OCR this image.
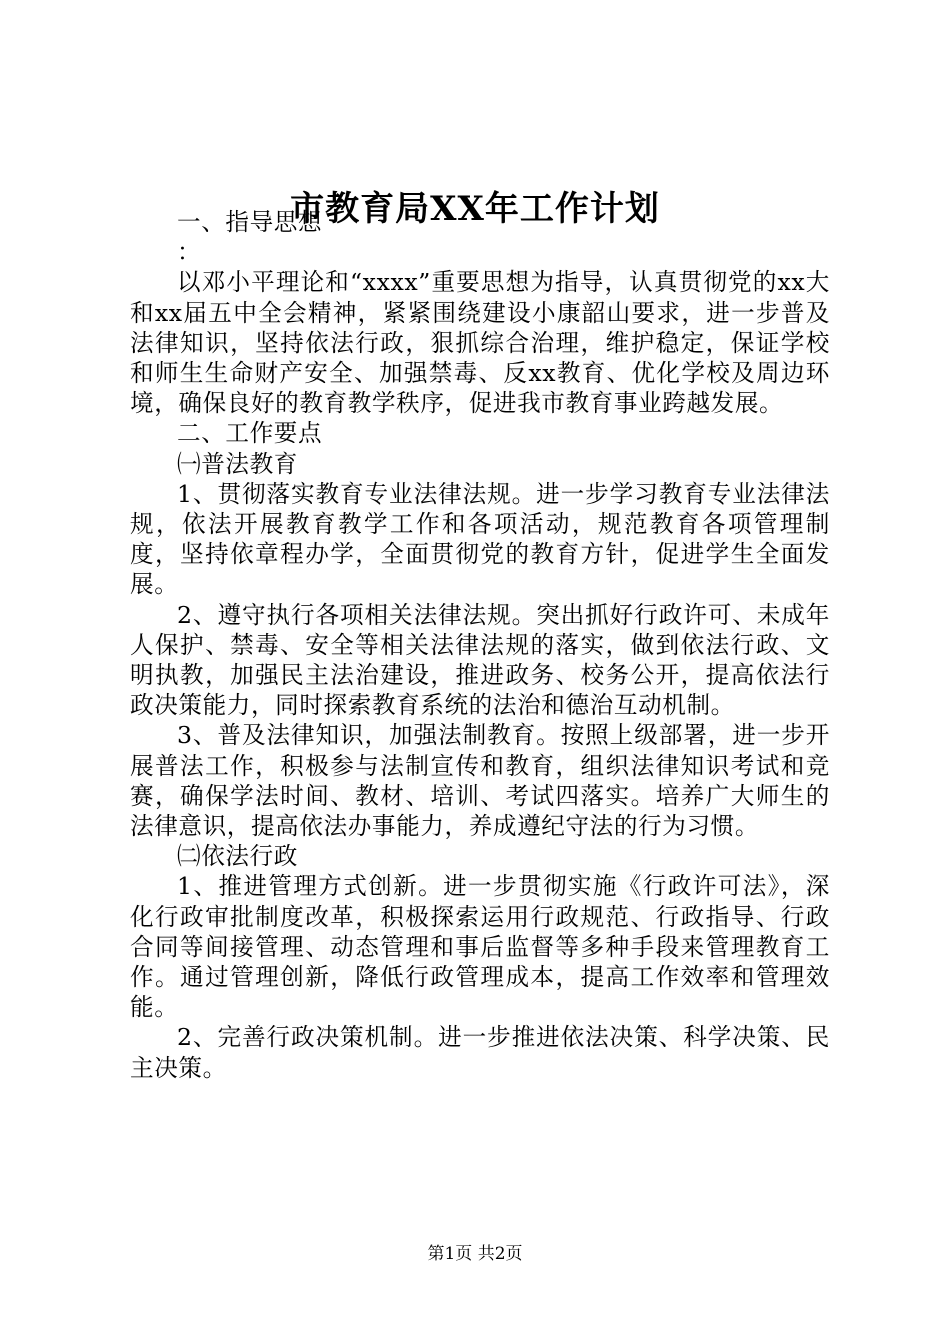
市教育局XX年工作计划

一、指导思想

：

以邓小平理论和“xxxx”重要思想为指导，认真贯彻党的xx大和xx届五中全会精神，紧紧围绕建设小康韶山要求，进一步普及法律知识，坚持依法行政，狠抓综合治理，维护稳定，保证学校和师生生命财产安全、加强禁毒、反xx教育、优化学校及周边环境，确保良好的教育教学秩序，促进我市教育事业跨越发展。

二、工作要点

㈠普法教育

1、贯彻落实教育专业法律法规。进一步学习教育专业法律法规，依法开展教育教学工作和各项活动，规范教育各项管理制度，坚持依章程办学，全面贯彻党的教育方针，促进学生全面发展。

2、遵守执行各项相关法律法规。突出抓好行政许可、未成年人保护、禁毒、安全等相关法律法规的落实，做到依法行政、文明执教，加强民主法治建设，推进政务、校务公开，提高依法行政决策能力，同时探索教育系统的法治和德治互动机制。

3、普及法律知识，加强法制教育。按照上级部署，进一步开展普法工作，积极参与法制宣传和教育，组织法律知识考试和竞赛，确保学法时间、教材、培训、考试四落实。培养广大师生的法律意识，提高依法办事能力，养成遵纪守法的行为习惯。

㈡依法行政

1、推进管理方式创新。进一步贯彻实施《行政许可法》，深化行政审批制度改革，积极探索运用行政规范、行政指导、行政合同等间接管理、动态管理和事后监督等多种手段来管理教育工作。通过管理创新，降低行政管理成本，提高工作效率和管理效能。

2、完善行政决策机制。进一步推进依法决策、科学决策、民主决策。

第1页 共2页
